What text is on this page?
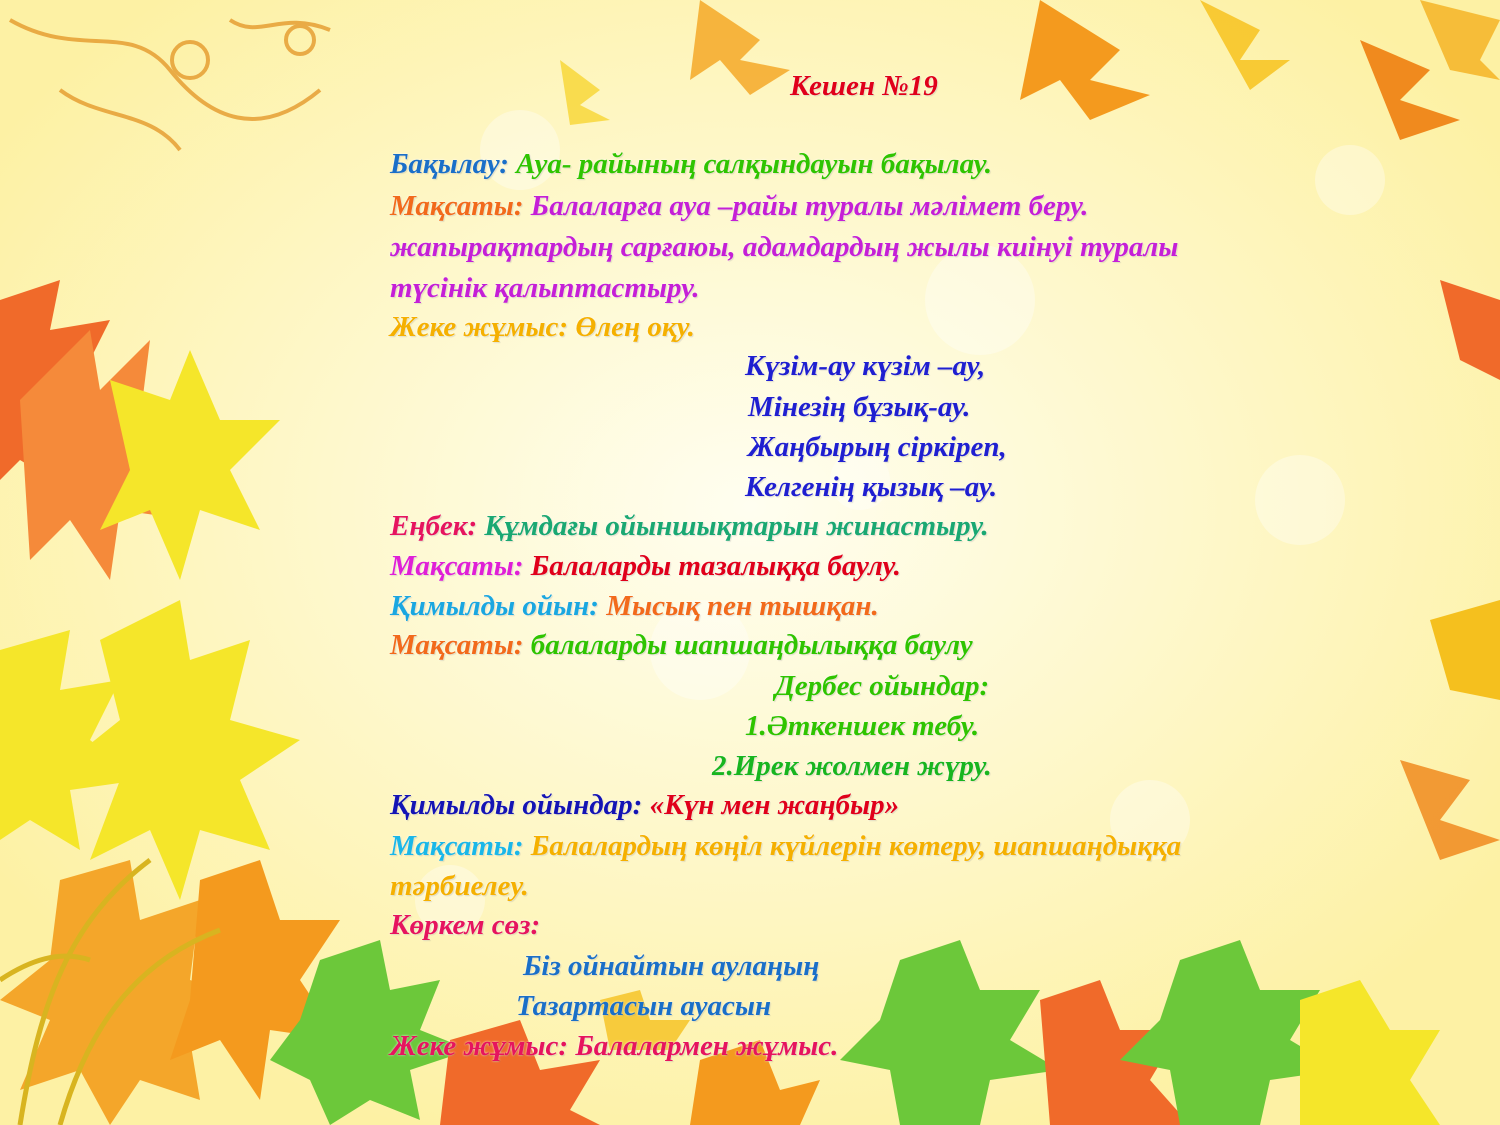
Кешен №19
Бақылау: Ауа- райының салқындауын бақылау.
Мақсаты: Балаларға ауа –райы туралы мәлімет беру.
жапырақтардың сарғаюы, адамдардың жылы киінуі туралы
түсінік қалыптастыру.
Жеке жұмыс: Өлең оқу.
Күзім-ау күзім –ау,
Мінезің бұзық-ау.
Жаңбырың сіркіреп,
Келгенің қызық –ау.
Еңбек: Құмдағы ойыншықтарын жинастыру.
Мақсаты: Балаларды тазалыққа баулу.
Қимылды ойын: Мысық пен тышқан.
Мақсаты: балаларды шапшаңдылыққа баулу
Дербес ойындар:
1.Әткеншек тебу.
2.Ирек жолмен жүру.
Қимылды ойындар: «Күн мен жаңбыр»
Мақсаты: Балалардың көңіл күйлерін көтеру, шапшаңдыққа
тәрбиелеу.
Көркем сөз:
Біз ойнайтын аулаңың
Тазартасын ауасын
Жеке жұмыс: Балалармен жұмыс.
